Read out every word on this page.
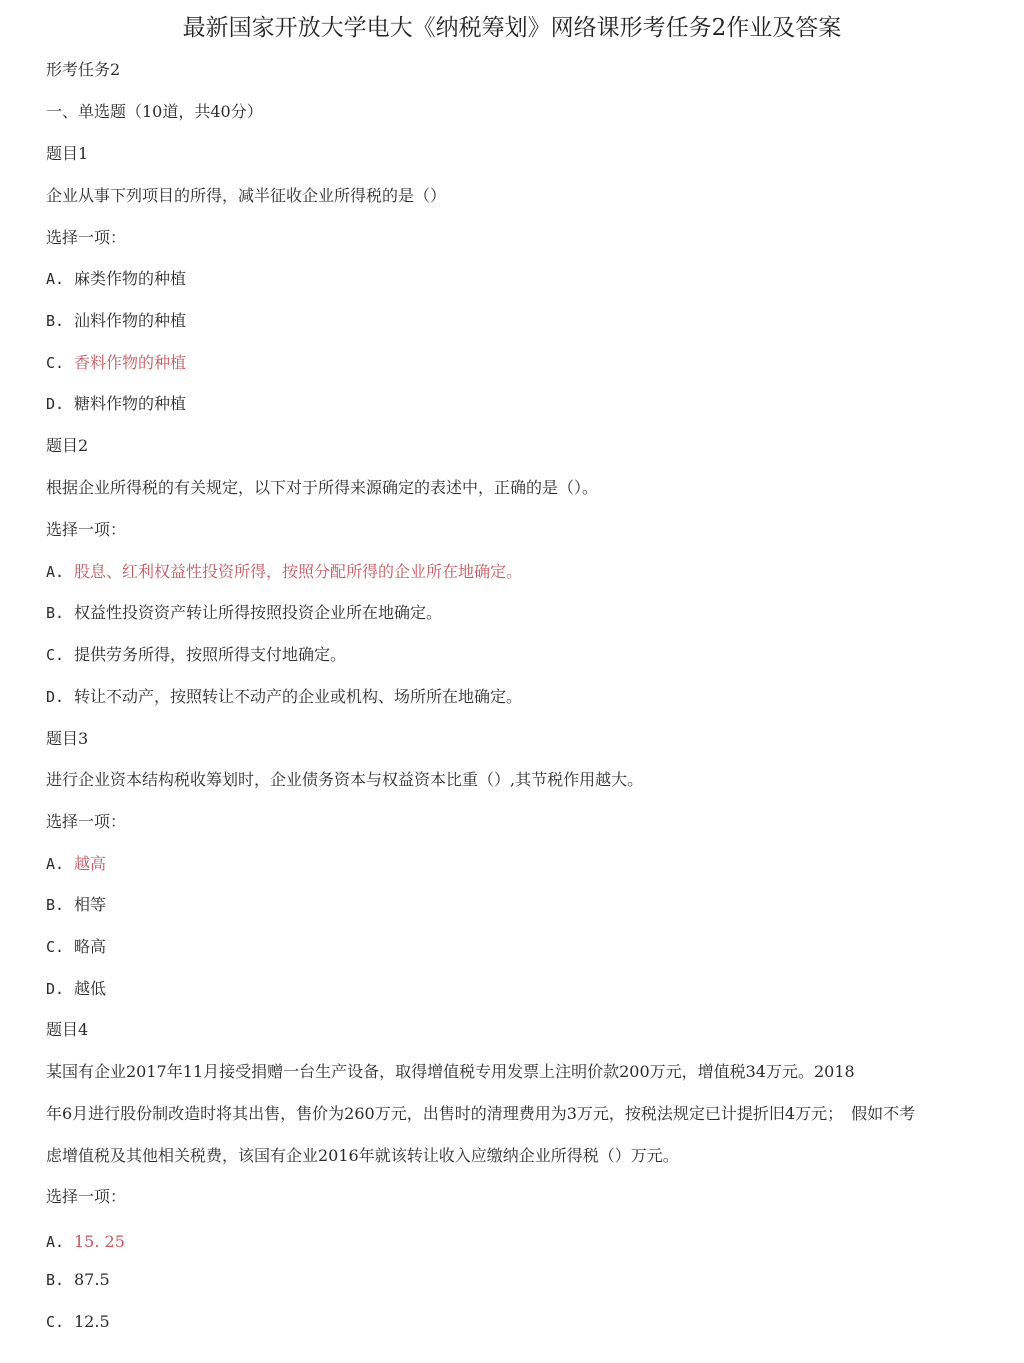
最新国家开放大学电大《纳税筹划》网络课形考任务2作业及答案
形考任务2
一、单选题（10道，共40分）
题目1
企业从事下列项目的所得，减半征收企业所得税的是（）
选择一项：
A. 麻类作物的种植
B. 汕料作物的种植
C. 香料作物的种植
D. 糖料作物的种植
题目2
根据企业所得税的有关规定，以下对于所得来源确定的表述中，正确的是（）。
选择一项：
A. 股息、红利权益性投资所得，按照分配所得的企业所在地确定。
B. 权益性投资资产转让所得按照投资企业所在地确定。
C. 提供劳务所得，按照所得支付地确定。
D. 转让不动产，按照转让不动产的企业或机构、场所所在地确定。
题目3
进行企业资本结构税收筹划时，企业债务资本与权益资本比重（）,其节税作用越大。
选择一项：
A. 越高
B. 相等
C. 略高
D. 越低
题目4
某国有企业2017年11月接受捐赠一台生产设备，取得增值税专用发票上注明价款200万元，增值税34万元。2018
年6月进行股份制改造时将其出售，售价为260万元，出售时的清理费用为3万元，按税法规定已计提折旧4万元；　假如不考
虑增值税及其他相关税费，该国有企业2016年就该转让收入应缴纳企业所得税（）万元。
选择一项：
A. 15. 25
B. 87.5
C. 12.5
